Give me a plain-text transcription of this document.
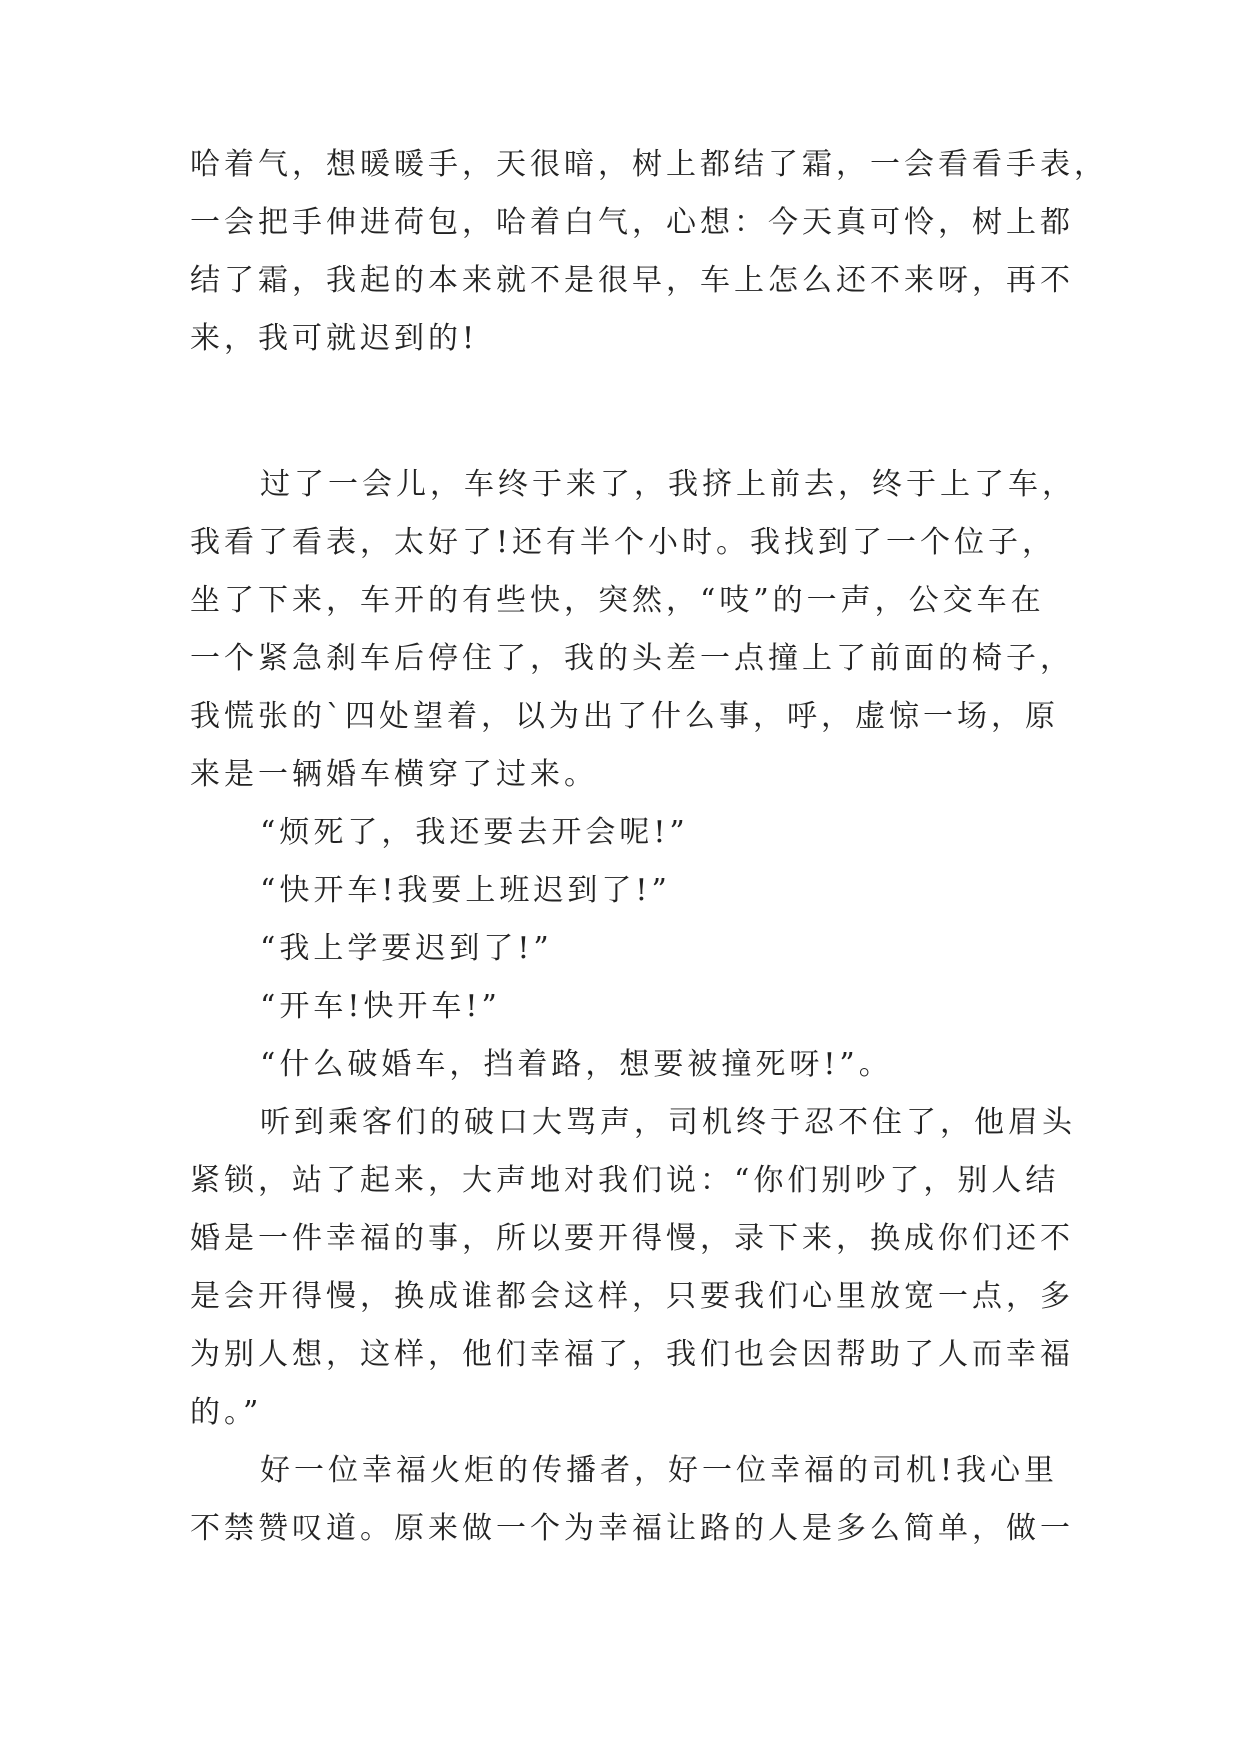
哈着气，想暖暖手，天很暗，树上都结了霜，一会看看手表，
一会把手伸进荷包，哈着白气，心想：今天真可怜，树上都
结了霜，我起的本来就不是很早，车上怎么还不来呀，再不
来，我可就迟到的!
过了一会儿，车终于来了，我挤上前去，终于上了车，
我看了看表，太好了!还有半个小时。我找到了一个位子，
坐了下来，车开的有些快，突然，“吱”的一声，公交车在
一个紧急刹车后停住了，我的头差一点撞上了前面的椅子，
我慌张的`四处望着，以为出了什么事，呼，虚惊一场，原
来是一辆婚车横穿了过来。
“烦死了，我还要去开会呢!”
“快开车!我要上班迟到了!”
“我上学要迟到了!”
“开车!快开车!”
“什么破婚车，挡着路，想要被撞死呀!”。
听到乘客们的破口大骂声，司机终于忍不住了，他眉头
紧锁，站了起来，大声地对我们说：“你们别吵了，别人结
婚是一件幸福的事，所以要开得慢，录下来，换成你们还不
是会开得慢，换成谁都会这样，只要我们心里放宽一点，多
为别人想，这样，他们幸福了，我们也会因帮助了人而幸福
的。”
好一位幸福火炬的传播者，好一位幸福的司机!我心里
不禁赞叹道。原来做一个为幸福让路的人是多么简单，做一
